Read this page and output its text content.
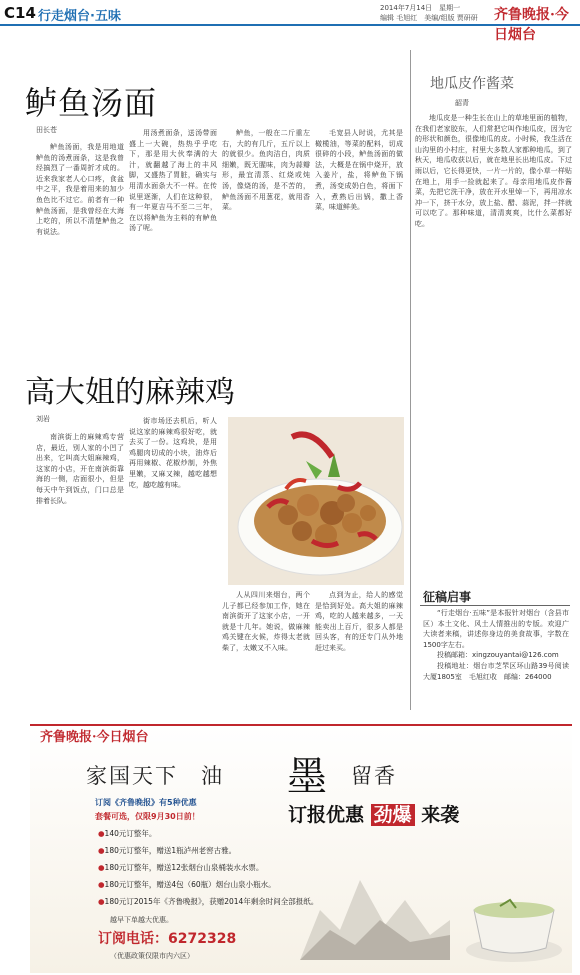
C14 行走烟台·五味
2014年7月14日　星期一
编辑 毛旭红　美编/组版 贾研研 齐鲁晚报·今日烟台
鲈鱼汤面
田长苍

鲈鱼汤面，我是用地道鲈鱼的汤煮面条，这是我曾经搞烈了一番周折才成的。近来我家老人心口疼，食盆中之平，我是着用来的加少鱼色比不过它。前者有一种鲈鱼汤面，是我曾经在大海上吃的，所以不清楚鲈鱼之有说法。

用汤煮面条，送汤带面盛上一大碗，热热乎乎吃下，那是用大伙奉满的大汁，就翻越了海上的丰风脚，又盛热了胃脏，确实与用清水面条大不一样。在传说里逐渐，人们在这种很，有一年夏吉马不至二三年，在以将鲈鱼为主料的有鲈鱼汤了呢。

鲈鱼，一般在二斤重左右，大的有几斤，五斤以上的就很少。鱼肉洁白，肉质细嫩，既无腥味，肉为蒜瓣形，最宜清蒸、红烧或炖汤，像烧的汤，是不苦的，鲈鱼汤面不用葱花，就用香菜。

毛宽县人时说，尤其是橄榄油，等菜的配料，切成很碎的小段，鲈鱼汤面的做法，大概是在锅中烧开，放入姜片，盐，将鲈鱼下锅煮，汤变成奶白色，将面下入，煮熟后出锅，撒上香菜，味道鲜美。

高大姐的麻辣鸡
刘岩

南滨街上的麻辣鸡专营店，最近，别人家的小凹了出来，它叫高大姐麻辣鸡，这家的小店，开在南滨街靠海的一侧，店面很小，但是每天中午到饭点，门口总是排着长队。

街市场还去机后，听人说这家的麻辣鸡很好吃，就去买了一份。这鸡块，是用鸡腿肉切成的小块，油炸后再用辣椒、花椒炒制，外焦里嫩，又麻又辣，越吃越想吃，越吃越有味。

人从四川来烟台，两个儿子都已经参加工作，她在南滨街开了这家小店，一开就是十几年。她说，做麻辣鸡关键在火候，炸得太老就柴了，太嫩又不入味。

点到为止，给人的感觉是恰到好处。高大姐的麻辣鸡，吃的人越来越多，一天能卖出上百斤，很多人都是回头客，有的还专门从外地赶过来买。

地瓜皮作酱菜
韶青

地瓜皮是一种生长在山上的草地里面的植物，在我们老家胶东，人们常把它叫作地瓜皮，因为它的形状和颜色，很像地瓜的皮。小时候，我生活在山沟里的小村庄，村里大多数人家都种地瓜，到了秋天，地瓜收获以后，就在地里长出地瓜皮。下过雨以后，它长得更快，一片一片的，像小草一样贴在地上，用手一捡就起来了。母亲用地瓜皮作酱菜，先把它洗干净，放在开水里焯一下，再用凉水冲一下，挤干水分，放上盐、醋、蒜泥，拌一拌就可以吃了。那种味道，清清爽爽，比什么菜都好吃。

征稿启事

“行走烟台·五味”是本报针对烟台（含县市区）本土文化、风土人情推出的专版。欢迎广大读者来稿，讲述你身边的美食故事，字数在1500字左右。

投稿邮箱：xingzouyantai@126.com

投稿地址：烟台市芝罘区环山路39号阅读大厦1805室　毛旭红收　邮编：264000

齐鲁晚报·今日烟台
家国天下　 油 墨 留香
订阅《齐鲁晚报》有5种优惠
套餐可选，仅限9月30日前！	订报优惠 劲爆 来袭
●140元订整年。
●180元订整年，赠送1瓶泸州老窖古雅。
●180元订整年，赠送12张烟台山泉桶装水水票。
●180元订整年，赠送4包（60瓶）烟台山泉小瓶水。
●180元订2015年《齐鲁晚报》，获赠2014年剩余时间全部报纸。
越早下单越大优惠。
订阅电话：6272328
（优惠政策仅限市内六区）
